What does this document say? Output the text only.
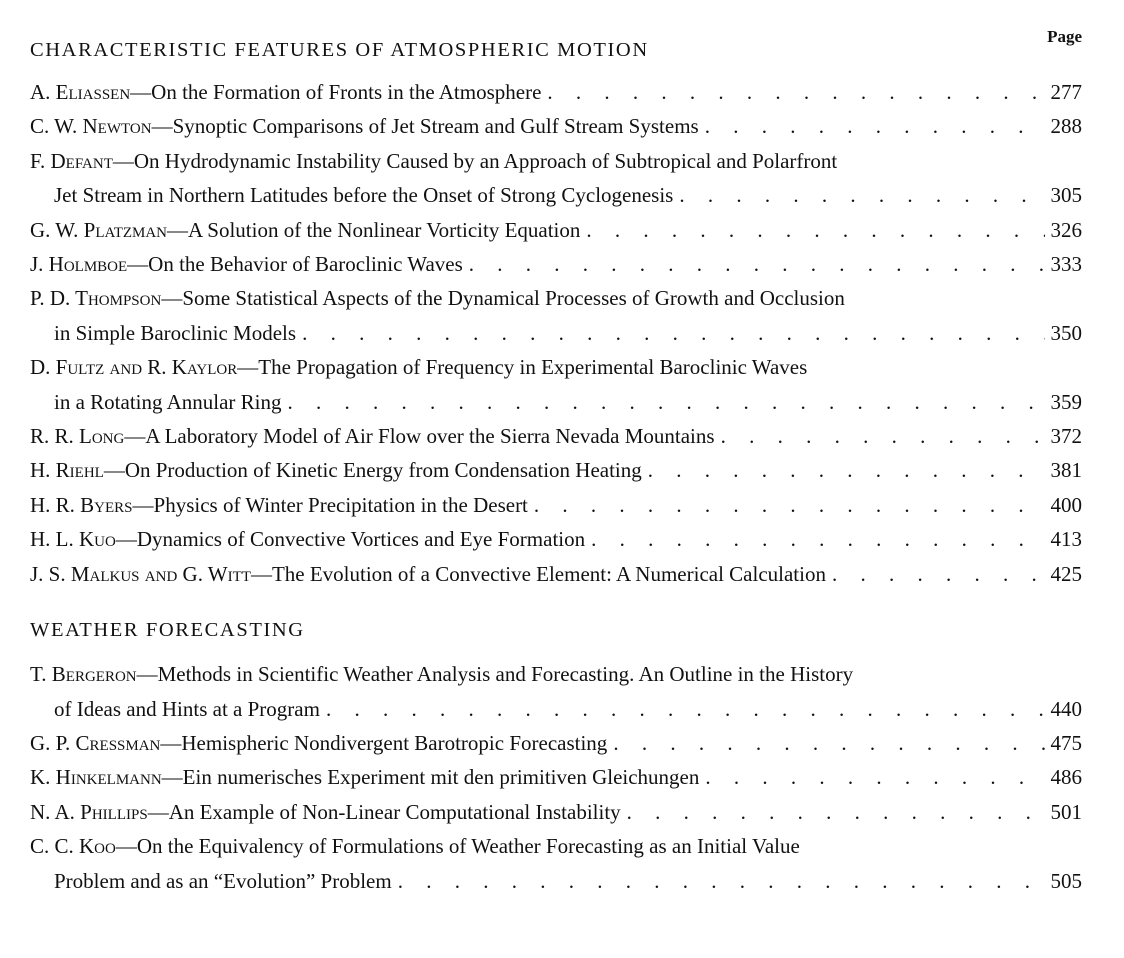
Page
CHARACTERISTIC FEATURES OF ATMOSPHERIC MOTION
A. Eliassen—On the Formation of Fronts in the Atmosphere . . .	277
C. W. Newton—Synoptic Comparisons of Jet Stream and Gulf Stream Systems . . .	288
F. Defant—On Hydrodynamic Instability Caused by an Approach of Subtropical and Polarfront
Jet Stream in Northern Latitudes before the Onset of Strong Cyclogenesis . . .	305
G. W. Platzman—A Solution of the Nonlinear Vorticity Equation . . .	326
J. Holmboe—On the Behavior of Baroclinic Waves . . .	333
P. D. Thompson—Some Statistical Aspects of the Dynamical Processes of Growth and Occlusion
in Simple Baroclinic Models . . .	350
D. Fultz and R. Kaylor—The Propagation of Frequency in Experimental Baroclinic Waves
in a Rotating Annular Ring . . .	359
R. R. Long—A Laboratory Model of Air Flow over the Sierra Nevada Mountains . . .	372
H. Riehl—On Production of Kinetic Energy from Condensation Heating . . .	381
H. R. Byers—Physics of Winter Precipitation in the Desert . . .	400
H. L. Kuo—Dynamics of Convective Vortices and Eye Formation . . .	413
J. S. Malkus and G. Witt—The Evolution of a Convective Element: A Numerical Calculation . . .	425
WEATHER FORECASTING
T. Bergeron—Methods in Scientific Weather Analysis and Forecasting. An Outline in the History
of Ideas and Hints at a Program . . .	440
G. P. Cressman—Hemispheric Nondivergent Barotropic Forecasting . . .	475
K. Hinkelmann—Ein numerisches Experiment mit den primitiven Gleichungen . . .	486
N. A. Phillips—An Example of Non-Linear Computational Instability . . .	501
C. C. Koo—On the Equivalency of Formulations of Weather Forecasting as an Initial Value
Problem and as an “Evolution” Problem . . .	505
